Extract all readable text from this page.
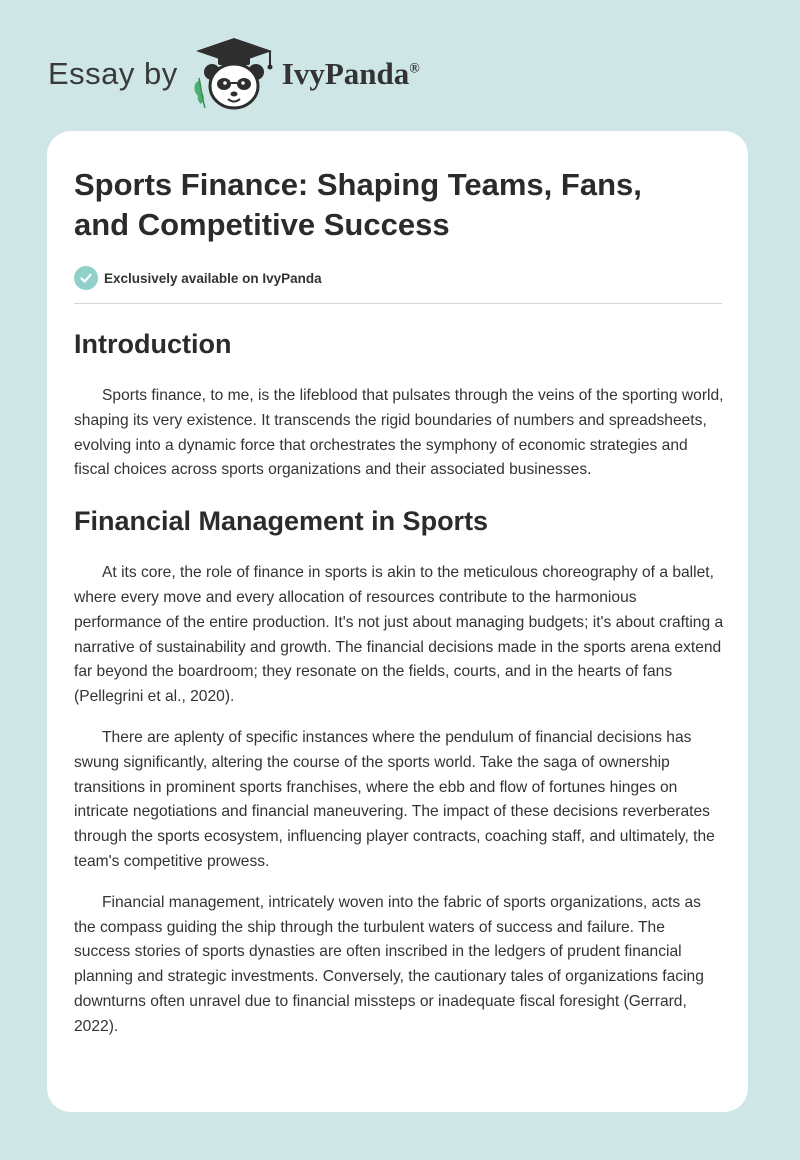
Essay by	IvyPanda®
Sports Finance: Shaping Teams, Fans,
and Competitive Success
Exclusively available on IvyPanda
Introduction

Sports finance, to me, is the lifeblood that pulsates through the veins of the sporting world, shaping its very existence. It transcends the rigid boundaries of numbers and spreadsheets, evolving into a dynamic force that orchestrates the symphony of economic strategies and fiscal choices across sports organizations and their associated businesses.

Financial Management in Sports

At its core, the role of finance in sports is akin to the meticulous choreography of a ballet, where every move and every allocation of resources contribute to the harmonious performance of the entire production. It's not just about managing budgets; it's about crafting a narrative of sustainability and growth. The financial decisions made in the sports arena extend far beyond the boardroom; they resonate on the fields, courts, and in the hearts of fans (Pellegrini et al., 2020).

There are aplenty of specific instances where the pendulum of financial decisions has swung significantly, altering the course of the sports world. Take the saga of ownership transitions in prominent sports franchises, where the ebb and flow of fortunes hinges on intricate negotiations and financial maneuvering. The impact of these decisions reverberates through the sports ecosystem, influencing player contracts, coaching staff, and ultimately, the team's competitive prowess.

Financial management, intricately woven into the fabric of sports organizations, acts as the compass guiding the ship through the turbulent waters of success and failure. The success stories of sports dynasties are often inscribed in the ledgers of prudent financial planning and strategic investments. Conversely, the cautionary tales of organizations facing downturns often unravel due to financial missteps or inadequate fiscal foresight (Gerrard, 2022).
